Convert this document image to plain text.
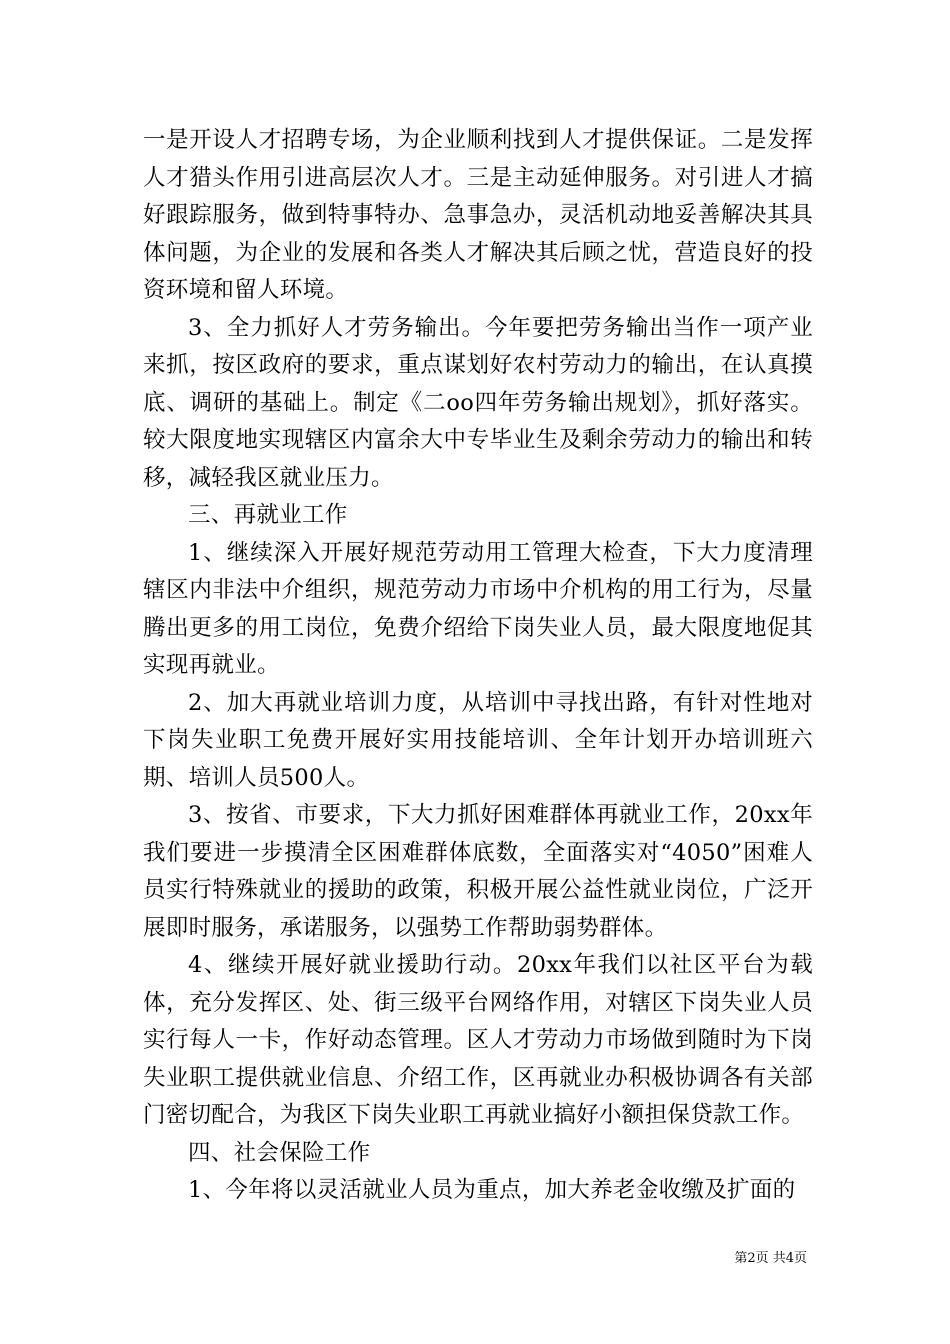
一是开设人才招聘专场，为企业顺利找到人才提供保证。二是发挥人才猎头作用引进高层次人才。三是主动延伸服务。对引进人才搞好跟踪服务，做到特事特办、急事急办，灵活机动地妥善解决其具体问题，为企业的发展和各类人才解决其后顾之忧，营造良好的投资环境和留人环境。

3、全力抓好人才劳务输出。今年要把劳务输出当作一项产业来抓，按区政府的要求，重点谋划好农村劳动力的输出，在认真摸底、调研的基础上。制定《二oo四年劳务输出规划》，抓好落实。较大限度地实现辖区内富余大中专毕业生及剩余劳动力的输出和转移，减轻我区就业压力。

三、再就业工作

1、继续深入开展好规范劳动用工管理大检查，下大力度清理辖区内非法中介组织，规范劳动力市场中介机构的用工行为，尽量腾出更多的用工岗位，免费介绍给下岗失业人员，最大限度地促其实现再就业。

2、加大再就业培训力度，从培训中寻找出路，有针对性地对下岗失业职工免费开展好实用技能培训、全年计划开办培训班六期、培训人员500人。

3、按省、市要求，下大力抓好困难群体再就业工作，20xx年我们要进一步摸清全区困难群体底数，全面落实对“4050”困难人员实行特殊就业的援助的政策，积极开展公益性就业岗位，广泛开展即时服务，承诺服务，以强势工作帮助弱势群体。

4、继续开展好就业援助行动。20xx年我们以社区平台为载体，充分发挥区、处、街三级平台网络作用，对辖区下岗失业人员实行每人一卡，作好动态管理。区人才劳动力市场做到随时为下岗失业职工提供就业信息、介绍工作，区再就业办积极协调各有关部门密切配合，为我区下岗失业职工再就业搞好小额担保贷款工作。

四、社会保险工作

1、今年将以灵活就业人员为重点，加大养老金收缴及扩面的

第2页 共4页
